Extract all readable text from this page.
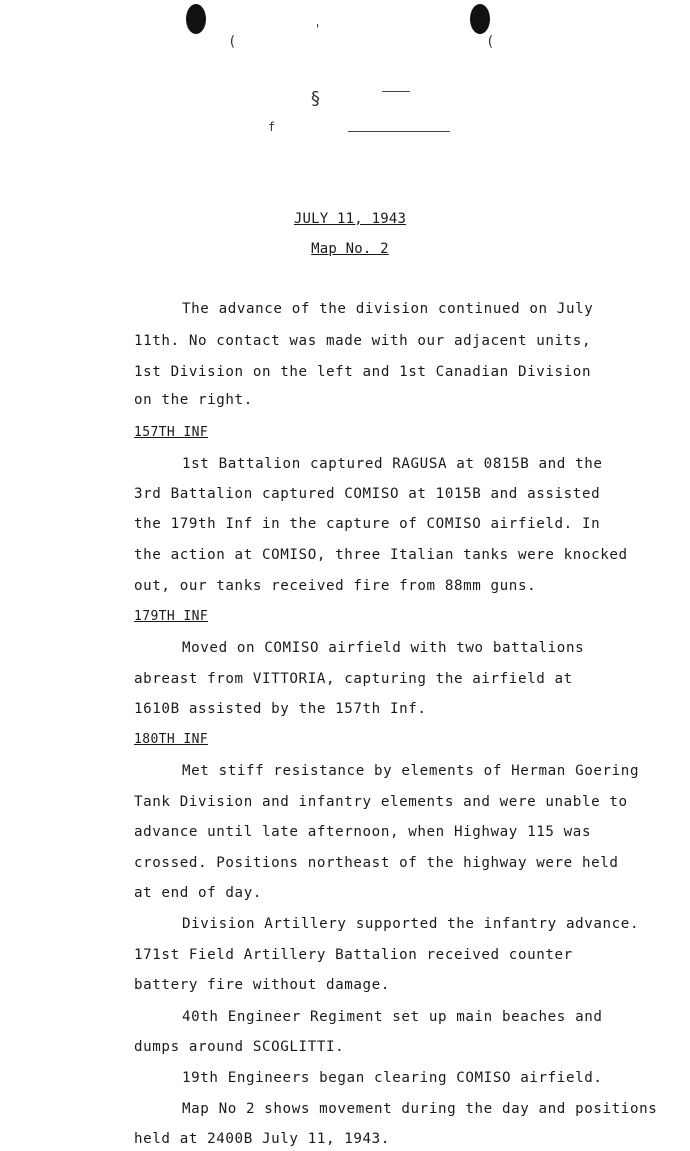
(	(
'
§
f
JULY 11, 1943
Map No. 2
The advance of the division continued on July
11th. No contact was made with our adjacent units,
1st Division on the left and 1st Canadian Division
on the right.
157TH INF
1st Battalion captured RAGUSA at 0815B and the
3rd Battalion captured COMISO at 1015B and assisted
the 179th Inf in the capture of COMISO airfield. In
the action at COMISO, three Italian tanks were knocked
out, our tanks received fire from 88mm guns.
179TH INF
Moved on COMISO airfield with two battalions
abreast from VITTORIA, capturing the airfield at
1610B assisted by the 157th Inf.
180TH INF
Met stiff resistance by elements of Herman Goering
Tank Division and infantry elements and were unable to
advance until late afternoon, when Highway 115 was
crossed. Positions northeast of the highway were held
at end of day.
Division Artillery supported the infantry advance.
171st Field Artillery Battalion received counter
battery fire without damage.
40th Engineer Regiment set up main beaches and
dumps around SCOGLITTI.
19th Engineers began clearing COMISO airfield.
Map No 2 shows movement during the day and positions
held at 2400B July 11, 1943.
